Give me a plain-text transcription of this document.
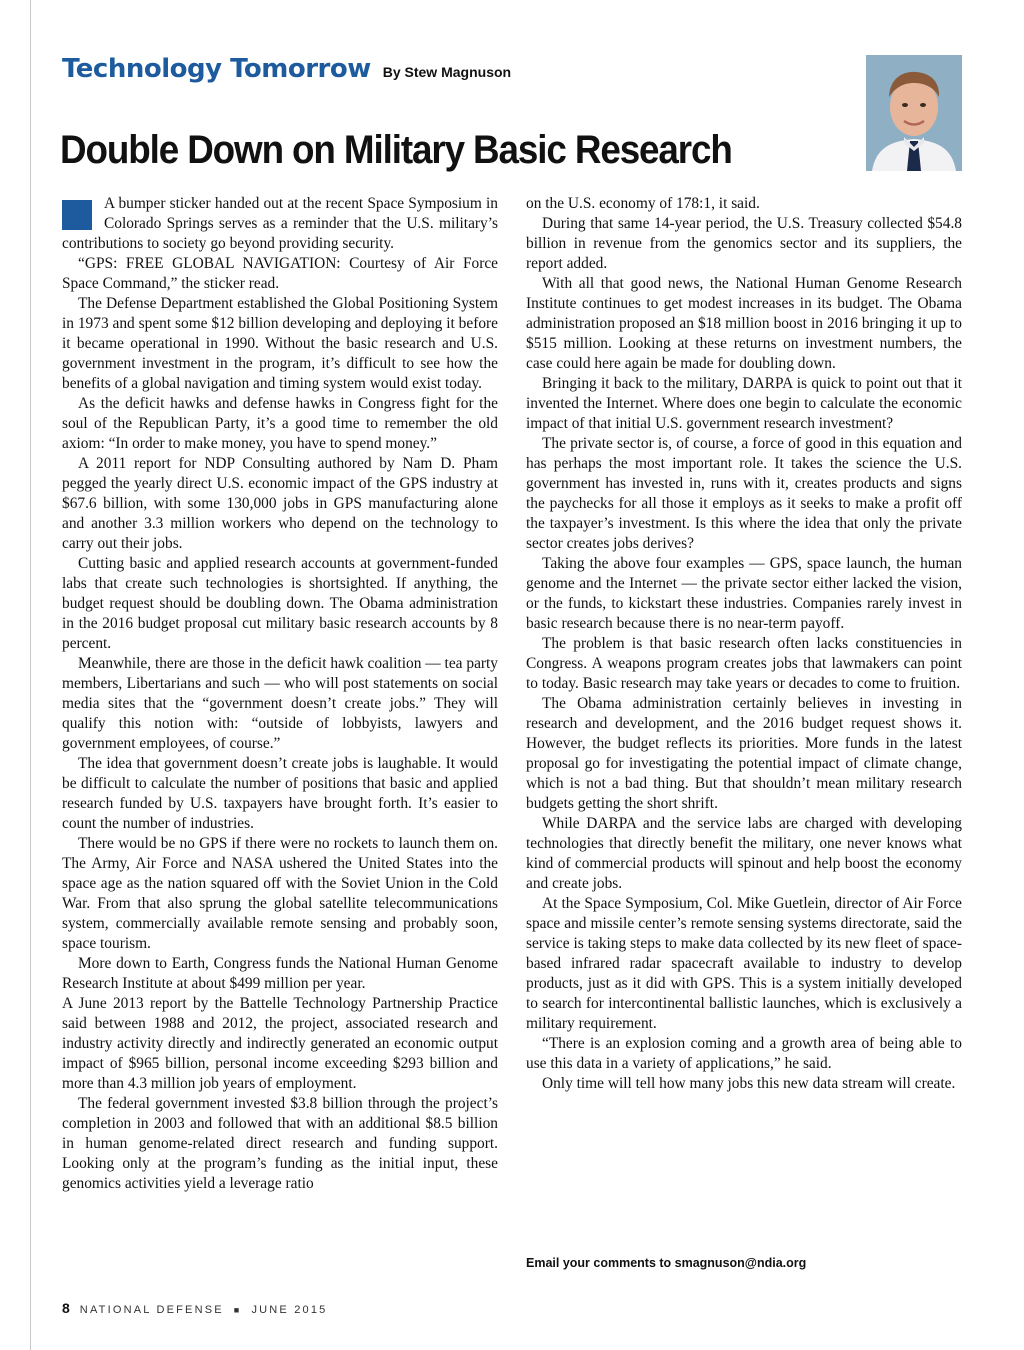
Technology Tomorrow By Stew Magnuson
Double Down on Military Basic Research

A bumper sticker handed out at the recent Space Symposium in Colorado Springs serves as a reminder that the U.S. military’s contributions to society go beyond providing security.

“GPS: FREE GLOBAL NAVIGATION: Courtesy of Air Force Space Command,” the sticker read.

The Defense Department established the Global Positioning System in 1973 and spent some $12 billion developing and deploying it before it became operational in 1990. Without the basic research and U.S. government investment in the program, it’s difficult to see how the benefits of a global navigation and timing system would exist today.

As the deficit hawks and defense hawks in Congress fight for the soul of the Republican Party, it’s a good time to remember the old axiom: “In order to make money, you have to spend money.”

A 2011 report for NDP Consulting authored by Nam D. Pham pegged the yearly direct U.S. economic impact of the GPS industry at $67.6 billion, with some 130,000 jobs in GPS manufacturing alone and another 3.3 million workers who depend on the technology to carry out their jobs.

Cutting basic and applied research accounts at government-funded labs that create such technologies is shortsighted. If anything, the budget request should be doubling down. The Obama administration in the 2016 budget proposal cut military basic research accounts by 8 percent.

Meanwhile, there are those in the deficit hawk coalition — tea party members, Libertarians and such — who will post statements on social media sites that the “government doesn’t create jobs.” They will qualify this notion with: “outside of lobbyists, lawyers and government employees, of course.”

The idea that government doesn’t create jobs is laughable. It would be difficult to calculate the number of positions that basic and applied research funded by U.S. taxpayers have brought forth. It’s easier to count the number of industries.

There would be no GPS if there were no rockets to launch them on. The Army, Air Force and NASA ushered the United States into the space age as the nation squared off with the Soviet Union in the Cold War. From that also sprung the global satellite telecommunications system, commercially available remote sensing and probably soon, space tourism.

More down to Earth, Congress funds the National Human Genome Research Institute at about $499 million per year.

A June 2013 report by the Battelle Technology Partnership Practice said between 1988 and 2012, the project, associated research and industry activity directly and indirectly generated an economic output impact of $965 billion, personal income exceeding $293 billion and more than 4.3 million job years of employment.

The federal government invested $3.8 billion through the project’s completion in 2003 and followed that with an additional $8.5 billion in human genome-related direct research and funding support. Looking only at the program’s funding as the initial input, these genomics activities yield a leverage ratio

on the U.S. economy of 178:1, it said.

During that same 14-year period, the U.S. Treasury collected $54.8 billion in revenue from the genomics sector and its suppliers, the report added.

With all that good news, the National Human Genome Research Institute continues to get modest increases in its budget. The Obama administration proposed an $18 million boost in 2016 bringing it up to $515 million. Looking at these returns on investment numbers, the case could here again be made for doubling down.

Bringing it back to the military, DARPA is quick to point out that it invented the Internet. Where does one begin to calculate the economic impact of that initial U.S. government research investment?

The private sector is, of course, a force of good in this equation and has perhaps the most important role. It takes the science the U.S. government has invested in, runs with it, creates products and signs the paychecks for all those it employs as it seeks to make a profit off the taxpayer’s investment. Is this where the idea that only the private sector creates jobs derives?

Taking the above four examples — GPS, space launch, the human genome and the Internet — the private sector either lacked the vision, or the funds, to kickstart these industries. Companies rarely invest in basic research because there is no near-term payoff.

The problem is that basic research often lacks constituencies in Congress. A weapons program creates jobs that lawmakers can point to today. Basic research may take years or decades to come to fruition.

The Obama administration certainly believes in investing in research and development, and the 2016 budget request shows it. However, the budget reflects its priorities. More funds in the latest proposal go for investigating the potential impact of climate change, which is not a bad thing. But that shouldn’t mean military research budgets getting the short shrift.

While DARPA and the service labs are charged with developing technologies that directly benefit the military, one never knows what kind of commercial products will spinout and help boost the economy and create jobs.

At the Space Symposium, Col. Mike Guetlein, director of Air Force space and missile center’s remote sensing systems directorate, said the service is taking steps to make data collected by its new fleet of space-based infrared radar spacecraft available to industry to develop products, just as it did with GPS. This is a system initially developed to search for intercontinental ballistic launches, which is exclusively a military requirement.

“There is an explosion coming and a growth area of being able to use this data in a variety of applications,” he said.

Only time will tell how many jobs this new data stream will create.

Email your comments to smagnuson@ndia.org
8 NATIONAL DEFENSE ■ JUNE 2015
